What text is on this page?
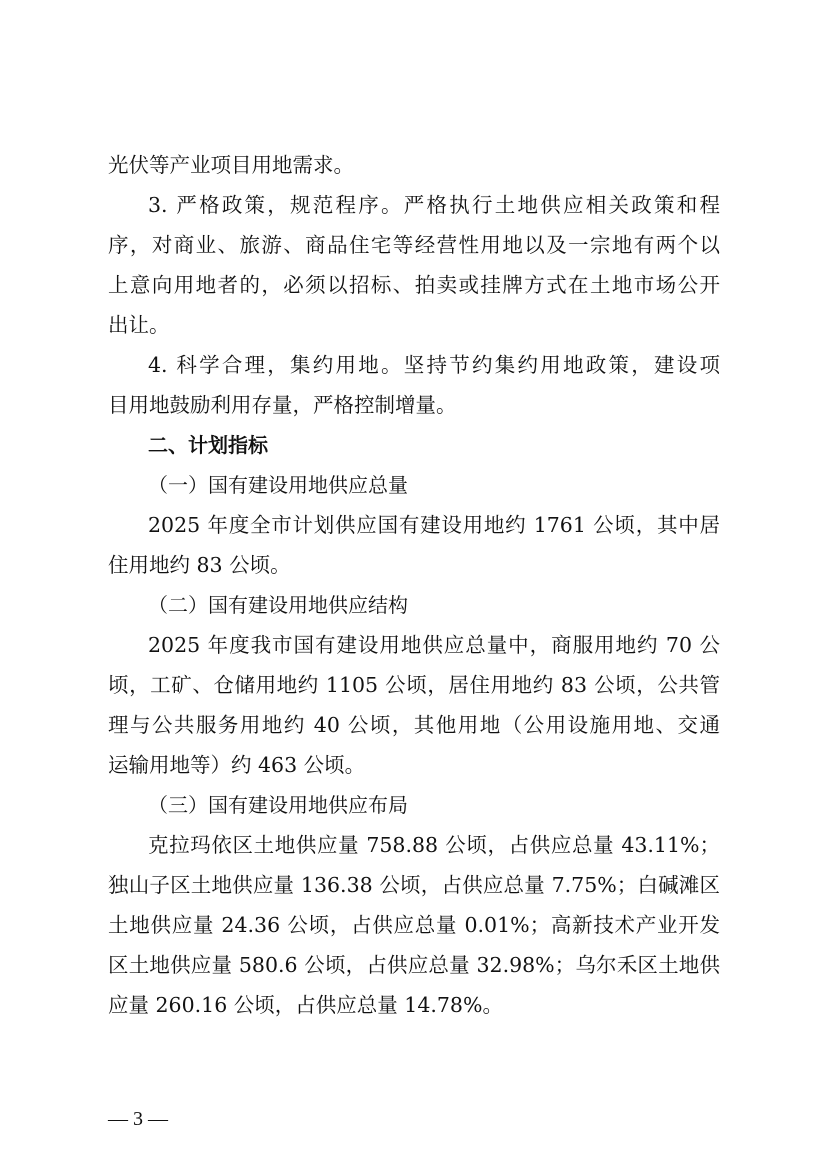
光伏等产业项目用地需求。
3. 严格政策，规范程序。严格执行土地供应相关政策和程
序，对商业、旅游、商品住宅等经营性用地以及一宗地有两个以
上意向用地者的，必须以招标、拍卖或挂牌方式在土地市场公开
出让。
4. 科学合理，集约用地。坚持节约集约用地政策，建设项
目用地鼓励利用存量，严格控制增量。
二、计划指标
（一）国有建设用地供应总量
2025 年度全市计划供应国有建设用地约 1761 公顷，其中居
住用地约 83 公顷。
（二）国有建设用地供应结构
2025 年度我市国有建设用地供应总量中，商服用地约 70 公
顷，工矿、仓储用地约 1105 公顷，居住用地约 83 公顷，公共管
理与公共服务用地约 40 公顷，其他用地（公用设施用地、交通
运输用地等）约 463 公顷。
（三）国有建设用地供应布局
克拉玛依区土地供应量 758.88 公顷，占供应总量 43.11%；
独山子区土地供应量 136.38 公顷，占供应总量 7.75%；白碱滩区
土地供应量 24.36 公顷，占供应总量 0.01%；高新技术产业开发
区土地供应量 580.6 公顷，占供应总量 32.98%；乌尔禾区土地供
应量 260.16 公顷，占供应总量 14.78%。
— 3 —
